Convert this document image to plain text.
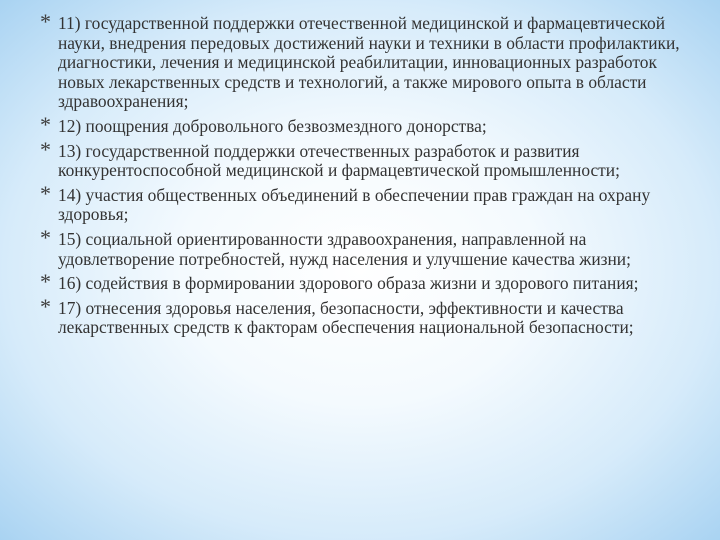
* 11) государственной поддержки отечественной медицинской и фармацевтической науки, внедрения передовых достижений науки и техники в области профилактики, диагностики, лечения и медицинской реабилитации, инновационных разработок новых лекарственных средств и технологий, а также мирового опыта в области здравоохранения;
* 12) поощрения добровольного безвозмездного донорства;
* 13) государственной поддержки отечественных разработок и развития конкурентоспособной медицинской и фармацевтической промышленности;
* 14) участия общественных объединений в обеспечении прав граждан на охрану здоровья;
* 15) социальной ориентированности здравоохранения, направленной на удовлетворение потребностей, нужд населения и улучшение качества жизни;
* 16) содействия в формировании здорового образа жизни и здорового питания;
* 17) отнесения здоровья населения, безопасности, эффективности и качества лекарственных средств к факторам обеспечения национальной безопасности;
